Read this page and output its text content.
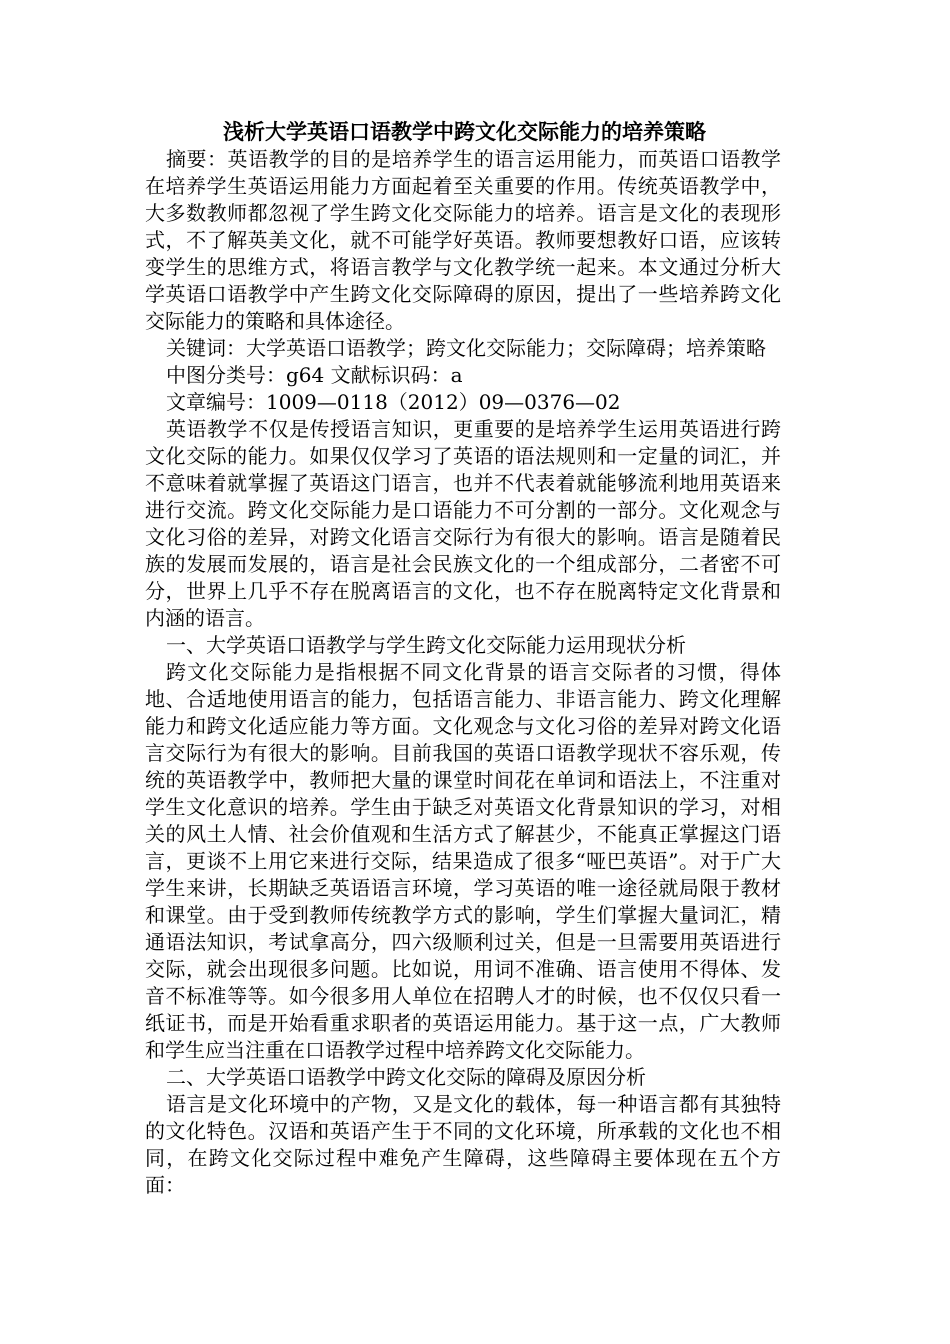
浅析大学英语口语教学中跨文化交际能力的培养策略

摘要：英语教学的目的是培养学生的语言运用能力，而英语口语教学在培养学生英语运用能力方面起着至关重要的作用。传统英语教学中，大多数教师都忽视了学生跨文化交际能力的培养。语言是文化的表现形式，不了解英美文化，就不可能学好英语。教师要想教好口语，应该转变学生的思维方式，将语言教学与文化教学统一起来。本文通过分析大学英语口语教学中产生跨文化交际障碍的原因，提出了一些培养跨文化交际能力的策略和具体途径。

关键词：大学英语口语教学；跨文化交际能力；交际障碍；培养策略

中图分类号：g64 文献标识码：a

文章编号：1009—0118（2012）09—0376—02

英语教学不仅是传授语言知识，更重要的是培养学生运用英语进行跨文化交际的能力。如果仅仅学习了英语的语法规则和一定量的词汇，并不意味着就掌握了英语这门语言，也并不代表着就能够流利地用英语来进行交流。跨文化交际能力是口语能力不可分割的一部分。文化观念与文化习俗的差异，对跨文化语言交际行为有很大的影响。语言是随着民族的发展而发展的，语言是社会民族文化的一个组成部分，二者密不可分，世界上几乎不存在脱离语言的文化，也不存在脱离特定文化背景和内涵的语言。

一、大学英语口语教学与学生跨文化交际能力运用现状分析

跨文化交际能力是指根据不同文化背景的语言交际者的习惯，得体地、合适地使用语言的能力，包括语言能力、非语言能力、跨文化理解能力和跨文化适应能力等方面。文化观念与文化习俗的差异对跨文化语言交际行为有很大的影响。目前我国的英语口语教学现状不容乐观，传统的英语教学中，教师把大量的课堂时间花在单词和语法上，不注重对学生文化意识的培养。学生由于缺乏对英语文化背景知识的学习，对相关的风土人情、社会价值观和生活方式了解甚少，不能真正掌握这门语言，更谈不上用它来进行交际，结果造成了很多“哑巴英语”。对于广大学生来讲，长期缺乏英语语言环境，学习英语的唯一途径就局限于教材和课堂。由于受到教师传统教学方式的影响，学生们掌握大量词汇，精通语法知识，考试拿高分，四六级顺利过关，但是一旦需要用英语进行交际，就会出现很多问题。比如说，用词不准确、语言使用不得体、发音不标准等等。如今很多用人单位在招聘人才的时候，也不仅仅只看一纸证书，而是开始看重求职者的英语运用能力。基于这一点，广大教师和学生应当注重在口语教学过程中培养跨文化交际能力。

二、大学英语口语教学中跨文化交际的障碍及原因分析

语言是文化环境中的产物，又是文化的载体，每一种语言都有其独特的文化特色。汉语和英语产生于不同的文化环境，所承载的文化也不相同，在跨文化交际过程中难免产生障碍，这些障碍主要体现在五个方面：
